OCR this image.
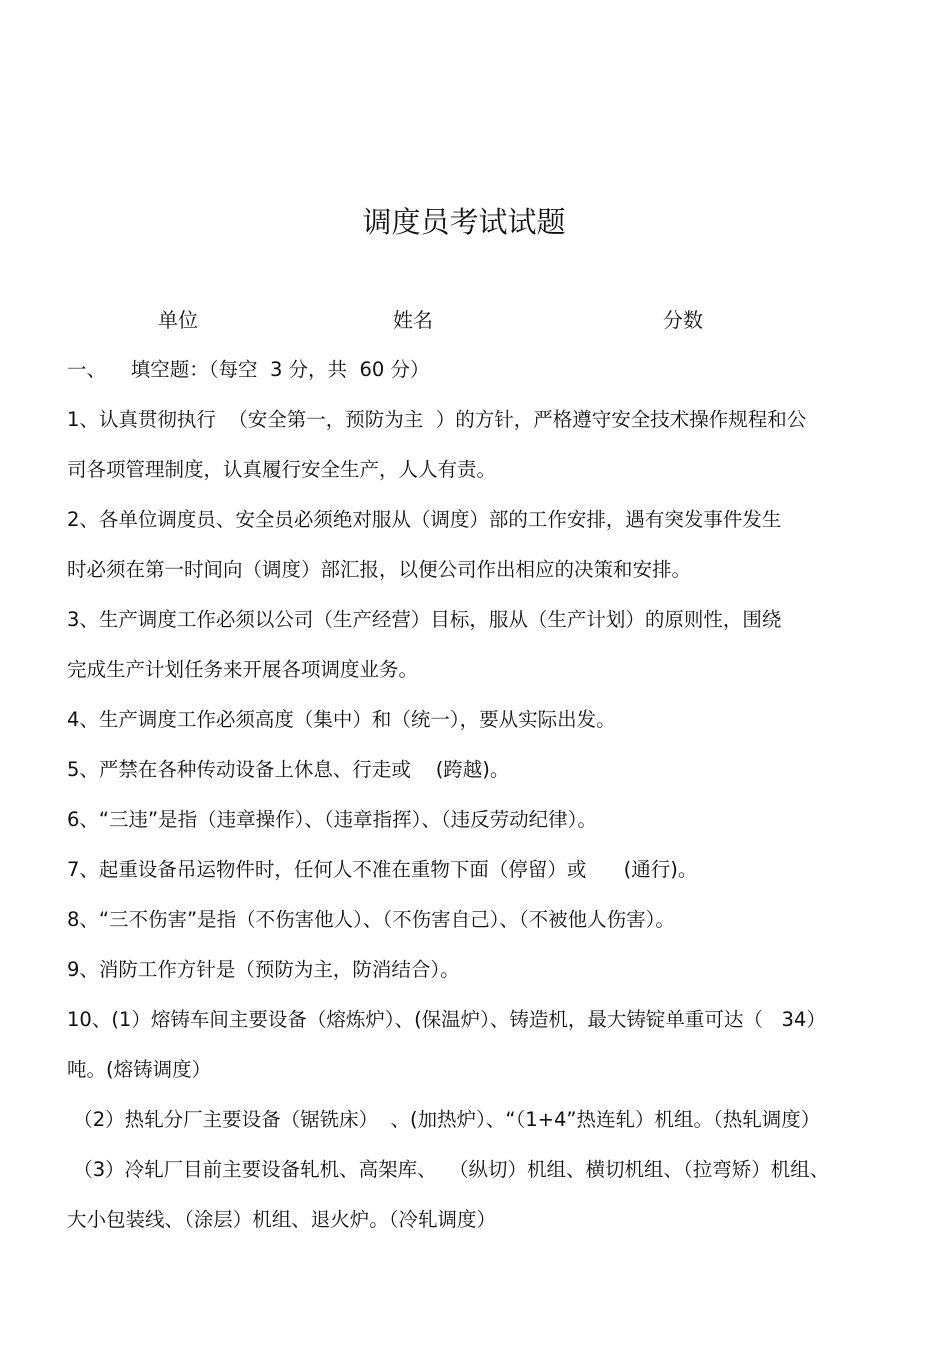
调度员考试试题
单位	姓名	分数
一、    填空题：（每空  3 分，共  60 分）
1、认真贯彻执行  （安全第一，预防为主  ）的方针，严格遵守安全技术操作规程和公
司各项管理制度，认真履行安全生产，人人有责。
2、各单位调度员、安全员必须绝对服从（调度）部的工作安排，遇有突发事件发生
时必须在第一时间向（调度）部汇报，以便公司作出相应的决策和安排。
3、生产调度工作必须以公司（生产经营）目标，服从（生产计划）的原则性，围绕
完成生产计划任务来开展各项调度业务。
4、生产调度工作必须高度（集中）和（统一），要从实际出发。
5、严禁在各种传动设备上休息、行走或    (跨越)。
6、“三违”是指（违章操作）、（违章指挥）、（违反劳动纪律）。
7、起重设备吊运物件时，任何人不准在重物下面（停留）或      (通行)。
8、“三不伤害”是指（不伤害他人）、（不伤害自己）、（不被他人伤害）。
9、消防工作方针是（预防为主，防消结合）。
10、(1）熔铸车间主要设备（熔炼炉）、(保温炉）、铸造机，最大铸锭单重可达（   34）
吨。(熔铸调度）
（2）热轧分厂主要设备（锯铣床）  、(加热炉）、“（1+4”热连轧）机组。（热轧调度）
（3）冷轧厂目前主要设备轧机、高架库、  （纵切）机组、横切机组、（拉弯矫）机组、
大小包装线、（涂层）机组、退火炉。（冷轧调度）
